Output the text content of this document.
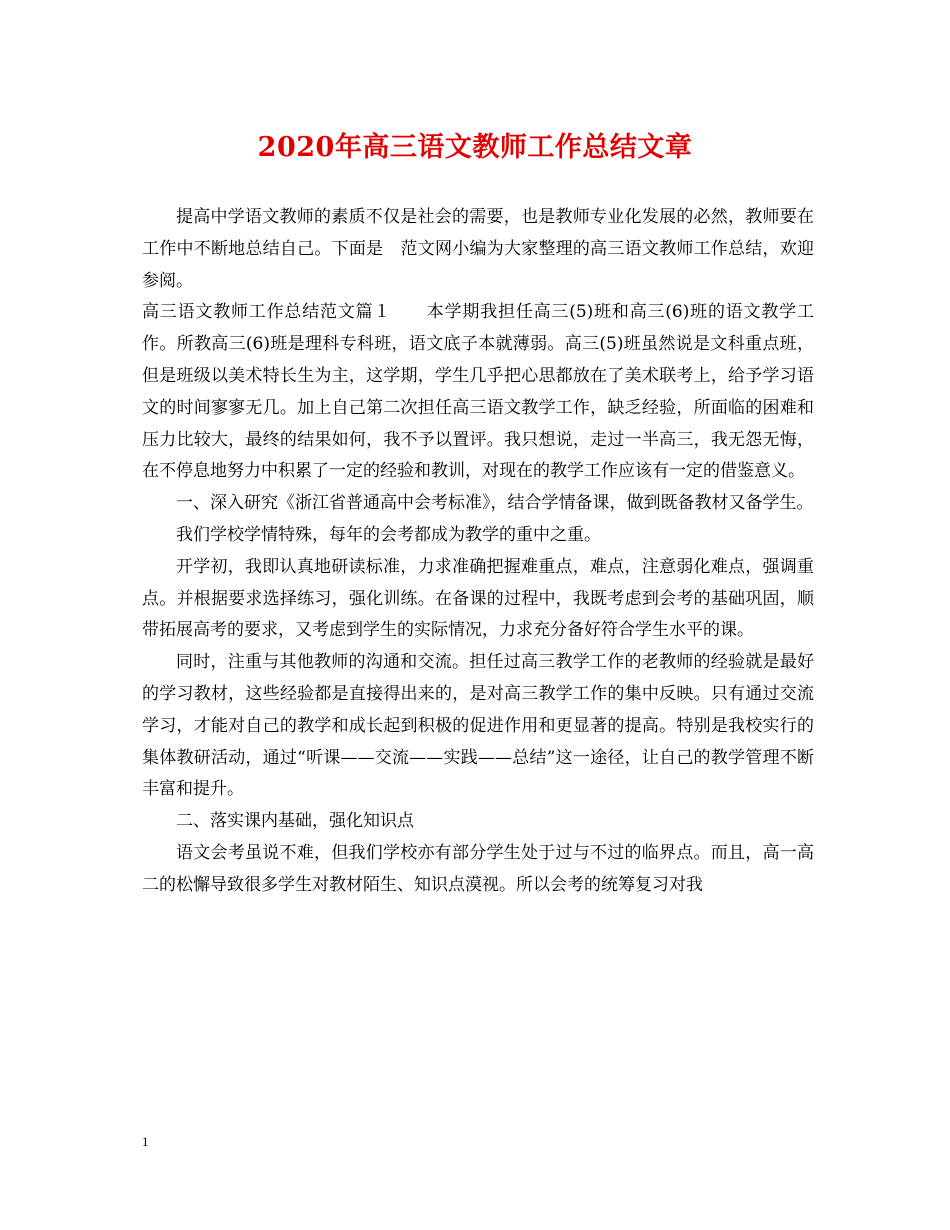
2020年高三语文教师工作总结文章

提高中学语文教师的素质不仅是社会的需要，也是教师专业化发展的必然，教师要在工作中不断地总结自己。下面是　范文网小编为大家整理的高三语文教师工作总结，欢迎参阅。

高三语文教师工作总结范文篇１　　本学期我担任高三(5)班和高三(6)班的语文教学工作。所教高三(6)班是理科专科班，语文底子本就薄弱。高三(5)班虽然说是文科重点班，但是班级以美术特长生为主，这学期，学生几乎把心思都放在了美术联考上，给予学习语文的时间寥寥无几。加上自己第二次担任高三语文教学工作，缺乏经验，所面临的困难和压力比较大，最终的结果如何，我不予以置评。我只想说，走过一半高三，我无怨无悔，在不停息地努力中积累了一定的经验和教训，对现在的教学工作应该有一定的借鉴意义。

一、深入研究《浙江省普通高中会考标准》，结合学情备课，做到既备教材又备学生。

我们学校学情特殊，每年的会考都成为教学的重中之重。

开学初，我即认真地研读标准，力求准确把握难重点，难点，注意弱化难点，强调重点。并根据要求选择练习，强化训练。在备课的过程中，我既考虑到会考的基础巩固，顺带拓展高考的要求，又考虑到学生的实际情况，力求充分备好符合学生水平的课。

同时，注重与其他教师的沟通和交流。担任过高三教学工作的老教师的经验就是最好的学习教材，这些经验都是直接得出来的，是对高三教学工作的集中反映。只有通过交流学习，才能对自己的教学和成长起到积极的促进作用和更显著的提高。特别是我校实行的集体教研活动，通过“听课——交流——实践——总结”这一途径，让自己的教学管理不断丰富和提升。

二、落实课内基础，强化知识点

语文会考虽说不难，但我们学校亦有部分学生处于过与不过的临界点。而且，高一高二的松懈导致很多学生对教材陌生、知识点漠视。所以会考的统筹复习对我

1
